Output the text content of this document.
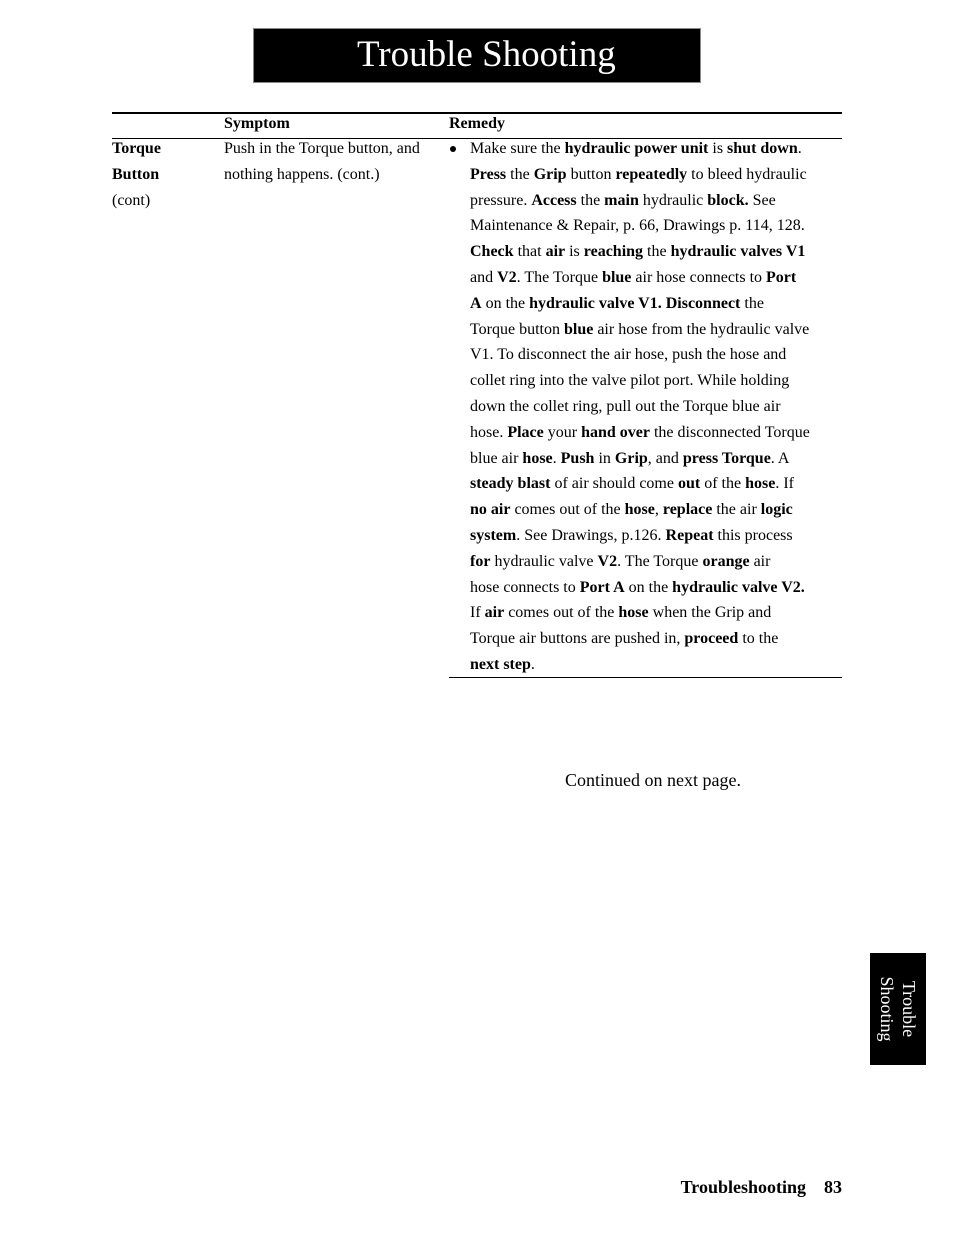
Trouble Shooting
Symptom	Remedy
Torque
Button
(cont)
Push in the Torque button, and
nothing happens. (cont.)
Make sure the hydraulic power unit is shut down.
Press the Grip button repeatedly to bleed hydraulic
pressure. Access the main hydraulic block. See
Maintenance & Repair, p. 66, Drawings p. 114, 128.
Check that air is reaching the hydraulic valves V1
and V2. The Torque blue air hose connects to Port
A on the hydraulic valve V1. Disconnect the
Torque button blue air hose from the hydraulic valve
V1. To disconnect the air hose, push the hose and
collet ring into the valve pilot port. While holding
down the collet ring, pull out the Torque blue air
hose. Place your hand over the disconnected Torque
blue air hose. Push in Grip, and press Torque. A
steady blast of air should come out of the hose. If
no air comes out of the hose, replace the air logic
system. See Drawings, p.126. Repeat this process
for hydraulic valve V2. The Torque orange air
hose connects to Port A on the hydraulic valve V2.
If air comes out of the hose when the Grip and
Torque air buttons are pushed in, proceed to the
next step.
Continued on next page.
Trouble
Shooting
Troubleshooting 83
